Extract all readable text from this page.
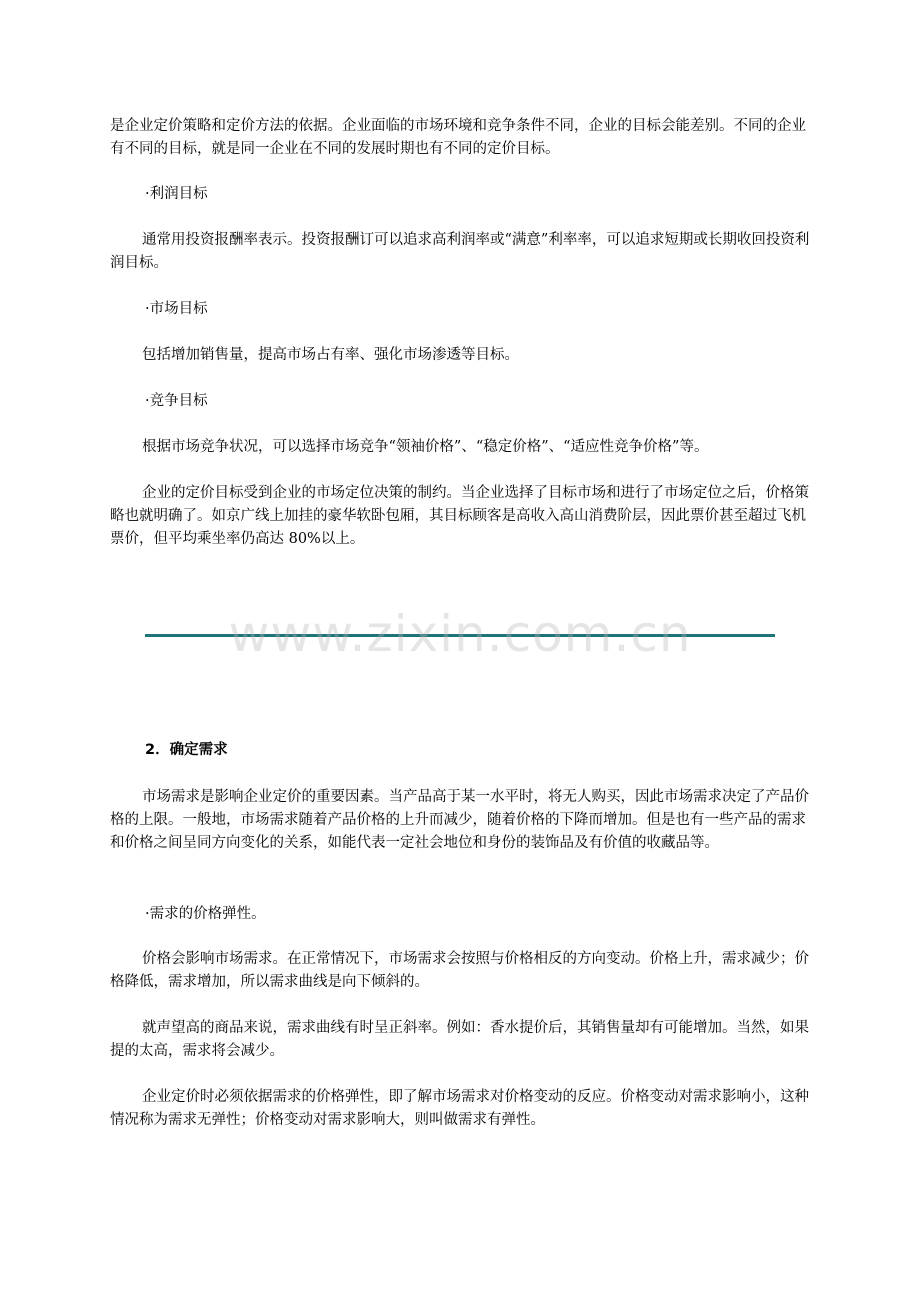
是企业定价策略和定价方法的依据。企业面临的市场环境和竞争条件不同，企业的目标会能差别。不同的企业有不同的目标，就是同一企业在不同的发展时期也有不同的定价目标。

·利润目标

通常用投资报酬率表示。投资报酬订可以追求高利润率或“满意”利率率，可以追求短期或长期收回投资利润目标。

·市场目标

包括增加销售量，提高市场占有率、强化市场渗透等目标。

·竞争目标

根据市场竞争状况，可以选择市场竞争“领袖价格”、“稳定价格”、“适应性竞争价格”等。

企业的定价目标受到企业的市场定位决策的制约。当企业选择了目标市场和进行了市场定位之后，价格策略也就明确了。如京广线上加挂的豪华软卧包厢，其目标顾客是高收入高山消费阶层，因此票价甚至超过飞机票价，但平均乘坐率仍高达 80%以上。

www.zixin.com.cn

2．确定需求

市场需求是影响企业定价的重要因素。当产品高于某一水平时，将无人购买，因此市场需求决定了产品价格的上限。一般地，市场需求随着产品价格的上升而减少，随着价格的下降而增加。但是也有一些产品的需求和价格之间呈同方向变化的关系，如能代表一定社会地位和身份的装饰品及有价值的收藏品等。

·需求的价格弹性。

价格会影响市场需求。在正常情况下，市场需求会按照与价格相反的方向变动。价格上升，需求减少；价格降低，需求增加，所以需求曲线是向下倾斜的。

就声望高的商品来说，需求曲线有时呈正斜率。例如：香水提价后，其销售量却有可能增加。当然，如果提的太高，需求将会减少。

企业定价时必须依据需求的价格弹性，即了解市场需求对价格变动的反应。价格变动对需求影响小，这种情况称为需求无弹性；价格变动对需求影响大，则叫做需求有弹性。
